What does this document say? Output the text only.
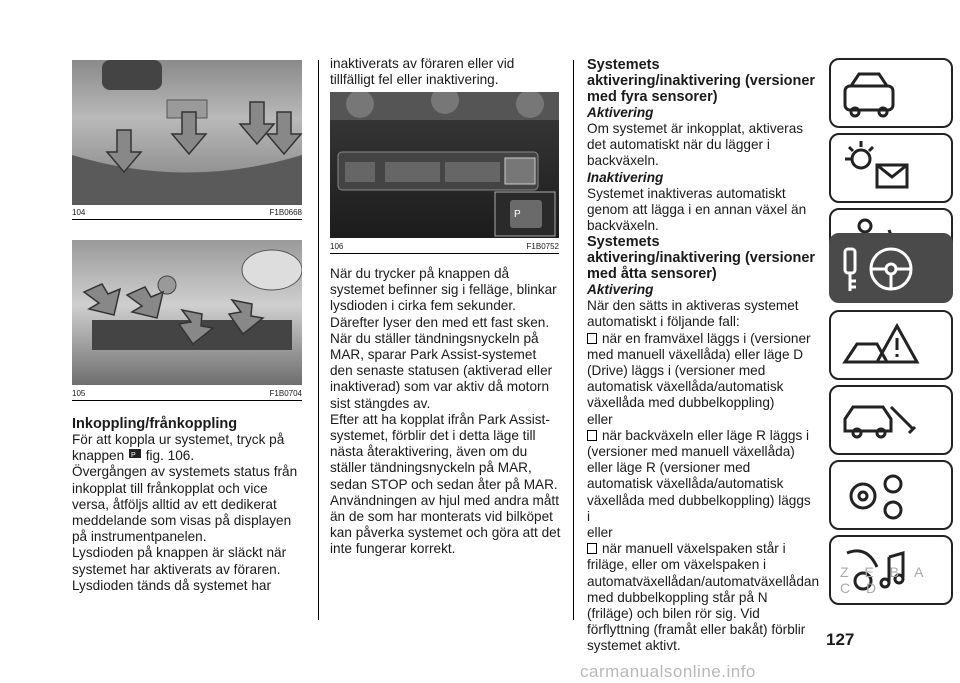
104	F1B0668
105	F1B0704
Inkoppling/frånkoppling

För att koppla ur systemet, tryck på knappen P fig. 106.

Övergången av systemets status från inkopplat till frånkopplat och vice versa, åtföljs alltid av ett dedikerat meddelande som visas på displayen på instrumentpanelen.

Lysdioden på knappen är släckt när systemet har aktiverats av föraren. Lysdioden tänds då systemet har

inaktiverats av föraren eller vid tillfälligt fel eller inaktivering.

P
106	F1B0752

När du trycker på knappen då systemet befinner sig i felläge, blinkar lysdioden i cirka fem sekunder. Därefter lyser den med ett fast sken.

När du ställer tändningsnyckeln på MAR, sparar Park Assist-systemet den senaste statusen (aktiverad eller inaktiverad) som var aktiv då motorn sist stängdes av.

Efter att ha kopplat ifrån Park Assist-systemet, förblir det i detta läge till nästa återaktivering, även om du ställer tändningsnyckeln på MAR, sedan STOP och sedan åter på MAR.

Användningen av hjul med andra mått än de som har monterats vid bilköpet kan påverka systemet och göra att det inte fungerar korrekt.

Systemets aktivering/inaktivering (versioner med fyra sensorer)
Aktivering

Om systemet är inkopplat, aktiveras det automatiskt när du lägger i backväxeln.

Inaktivering

Systemet inaktiveras automatiskt genom att lägga i en annan växel än backväxeln.

Systemets aktivering/inaktivering (versioner med åtta sensorer)
Aktivering

När den sätts in aktiveras systemet automatiskt i följande fall:

när en framväxel läggs i (versioner med manuell växellåda) eller läge D (Drive) läggs i (versioner med automatisk växellåda/automatisk växellåda med dubbelkoppling)

eller

när backväxeln eller läge R läggs i (versioner med manuell växellåda) eller läge R (versioner med automatisk växellåda/automatisk växellåda med dubbelkoppling) läggs i

eller

när manuell växelspaken står i friläge, eller om växelspaken i automatväxellådan/automatväxellådan med dubbelkoppling står på N (friläge) och bilen rör sig. Vid förflyttning (framåt eller bakåt) förblir systemet aktivt.

Z E B A C D
127
carmanualsonline.info
